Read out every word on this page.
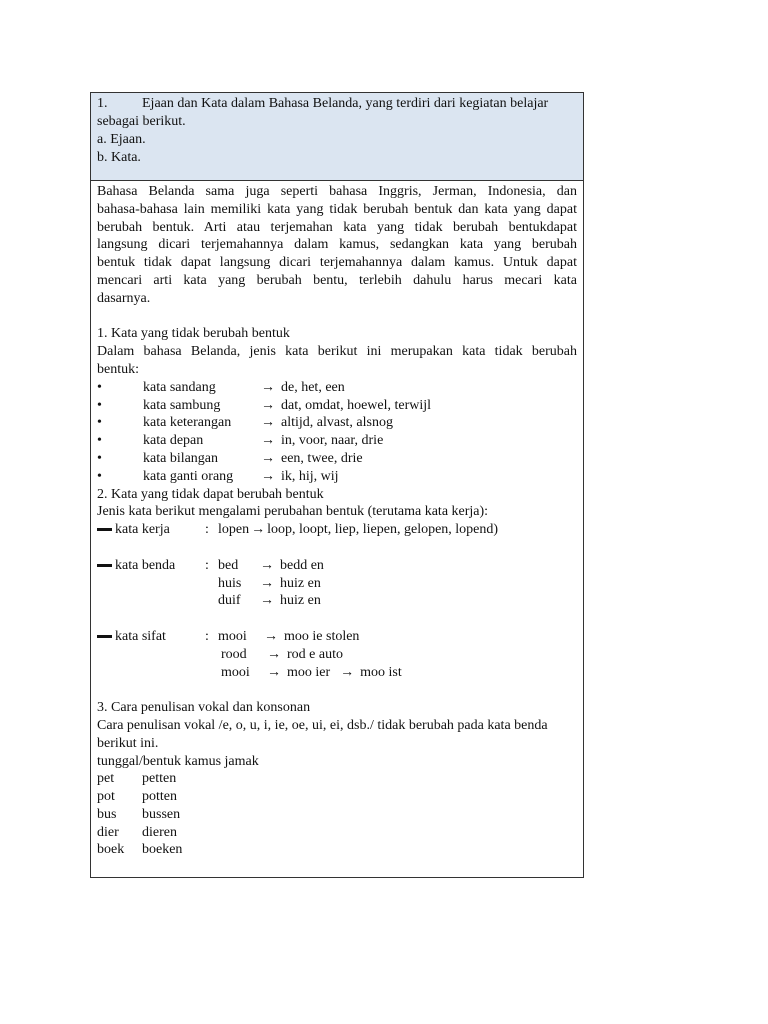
1. Ejaan dan Kata dalam Bahasa Belanda, yang terdiri dari kegiatan belajar
sebagai berikut.
a. Ejaan.
b. Kata.
Bahasa Belanda sama juga seperti bahasa Inggris, Jerman, Indonesia, dan
bahasa-bahasa lain memiliki kata yang tidak berubah bentuk dan kata yang dapat
berubah bentuk. Arti atau terjemahan kata yang tidak berubah bentukdapat
langsung dicari terjemahannya dalam kamus, sedangkan kata yang berubah
bentuk tidak dapat langsung dicari terjemahannya dalam kamus. Untuk dapat
mencari arti kata yang berubah bentu, terlebih dahulu harus mecari kata
dasarnya.
1. Kata yang tidak berubah bentuk
Dalam bahasa Belanda, jenis kata berikut ini merupakan kata tidak berubah
bentuk:
•	kata sandang	→ de, het, een
•	kata sambung	→ dat, omdat, hoewel, terwijl
•	kata keterangan	→ altijd, alvast, alsnog
•	kata depan	→ in, voor, naar, drie
•	kata bilangan	→ een, twee, drie
•	kata ganti orang	→ ik, hij, wij
2. Kata yang tidak dapat berubah bentuk
Jenis kata berikut mengalami perubahan bentuk (terutama kata kerja):
kata kerja	: lopen → loop, loopt, liep, liepen, gelopen, lopend)
kata benda	: bed	→ bedd en
huis	→ huiz en
duif	→ huiz en
kata sifat	: mooi	→ moo ie stolen
rood	→ rod e auto
mooi	→ moo ier → moo ist
3. Cara penulisan vokal dan konsonan
Cara penulisan vokal /e, o, u, i, ie, oe, ui, ei, dsb./ tidak berubah pada kata benda
berikut ini.
tunggal/bentuk kamus jamak
pet	petten
pot	potten
bus	bussen
dier	dieren
boek	boeken
